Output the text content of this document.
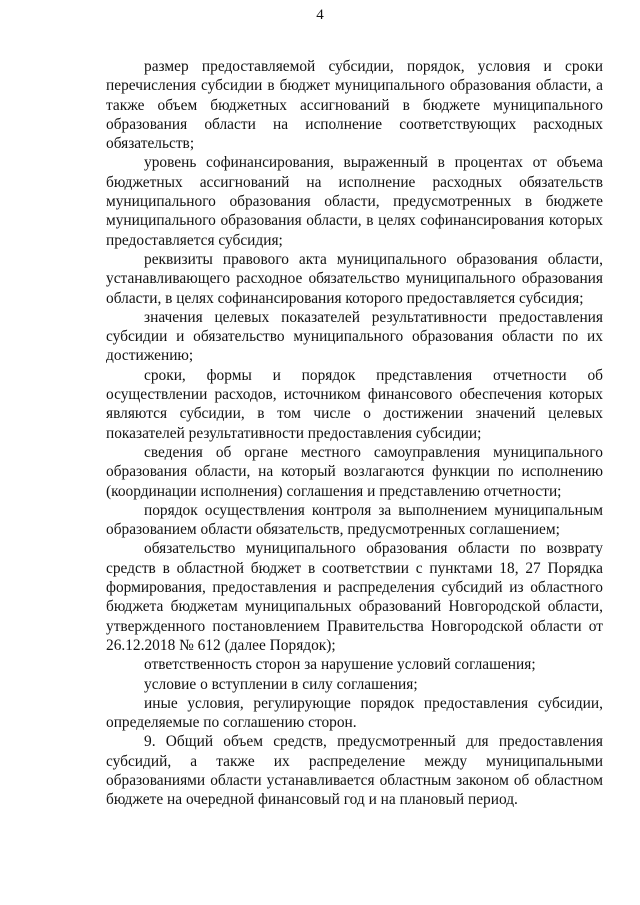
4

размер предоставляемой субсидии, порядок, условия и сроки перечисления субсидии в бюджет муниципального образования области, а также объем бюджетных ассигнований в бюджете муниципального образования области на исполнение соответствующих расходных обязательств;

уровень софинансирования, выраженный в процентах от объема бюджетных ассигнований на исполнение расходных обязательств муниципального образования области, предусмотренных в бюджете муниципального образования области, в целях софинансирования которых предоставляется субсидия;

реквизиты правового акта муниципального образования области, устанавливающего расходное обязательство муниципального образования области, в целях софинансирования которого предоставляется субсидия;

значения целевых показателей результативности предоставления субсидии и обязательство муниципального образования области по их достижению;

сроки, формы и порядок представления отчетности об осуществлении расходов, источником финансового обеспечения которых являются субсидии, в том числе о достижении значений целевых показателей результативности предоставления субсидии;

сведения об органе местного самоуправления муниципального образования области, на который возлагаются функции по исполнению (координации исполнения) соглашения и представлению отчетности;

порядок осуществления контроля за выполнением муниципальным образованием области обязательств, предусмотренных соглашением;

обязательство муниципального образования области по возврату средств в областной бюджет в соответствии с пунктами 18, 27 Порядка формирования, предоставления и распределения субсидий из областного бюджета бюджетам муниципальных образований Новгородской области, утвержденного постановлением Правительства Новгородской области от 26.12.2018 № 612 (далее Порядок);

ответственность сторон за нарушение условий соглашения;

условие о вступлении в силу соглашения;

иные условия, регулирующие порядок предоставления субсидии, определяемые по соглашению сторон.

9. Общий объем средств, предусмотренный для предоставления субсидий, а также их распределение между муниципальными образованиями области устанавливается областным законом об областном бюджете на очередной финансовый год и на плановый период.
